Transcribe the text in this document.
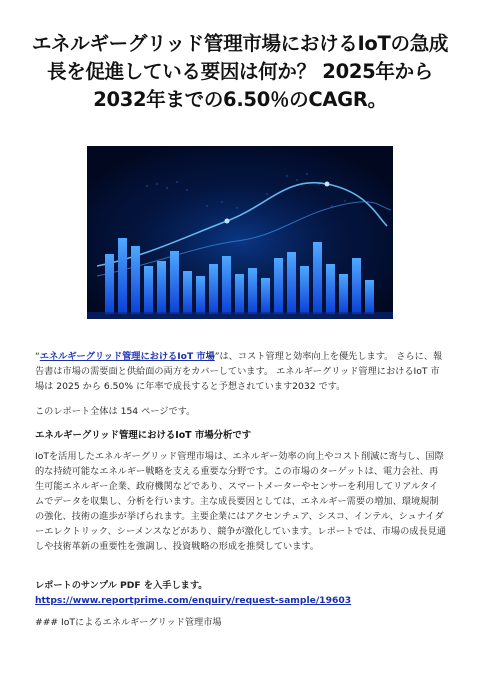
エネルギーグリッド管理市場におけるIoTの急成長を促進している要因は何か？ 2025年から2032年までの6.50％のCAGR。

“エネルギーグリッド管理におけるIoT 市場”は、コスト管理と効率向上を優先します。 さらに、報告書は市場の需要面と供給面の両方をカバーしています。 エネルギーグリッド管理におけるIoT 市場は 2025 から 6.50% に年率で成長すると予想されています2032 です。

このレポート全体は 154 ページです。

エネルギーグリッド管理におけるIoT 市場分析です

IoTを活用したエネルギーグリッド管理市場は、エネルギー効率の向上やコスト削減に寄与し、国際的な持続可能なエネルギー戦略を支える重要な分野です。この市場のターゲットは、電力会社、再生可能エネルギー企業、政府機関などであり、スマートメーターやセンサーを利用してリアルタイムでデータを収集し、分析を行います。主な成長要因としては、エネルギー需要の増加、環境規制の強化、技術の進歩が挙げられます。主要企業にはアクセンチュア、シスコ、インテル、シュナイダーエレクトリック、シーメンスなどがあり、競争が激化しています。レポートでは、市場の成長見通しや技術革新の重要性を強調し、投資戦略の形成を推奨しています。

レポートのサンプル PDF を入手します。 https://www.reportprime.com/enquiry/request-sample/19603

### IoTによるエネルギーグリッド管理市場
